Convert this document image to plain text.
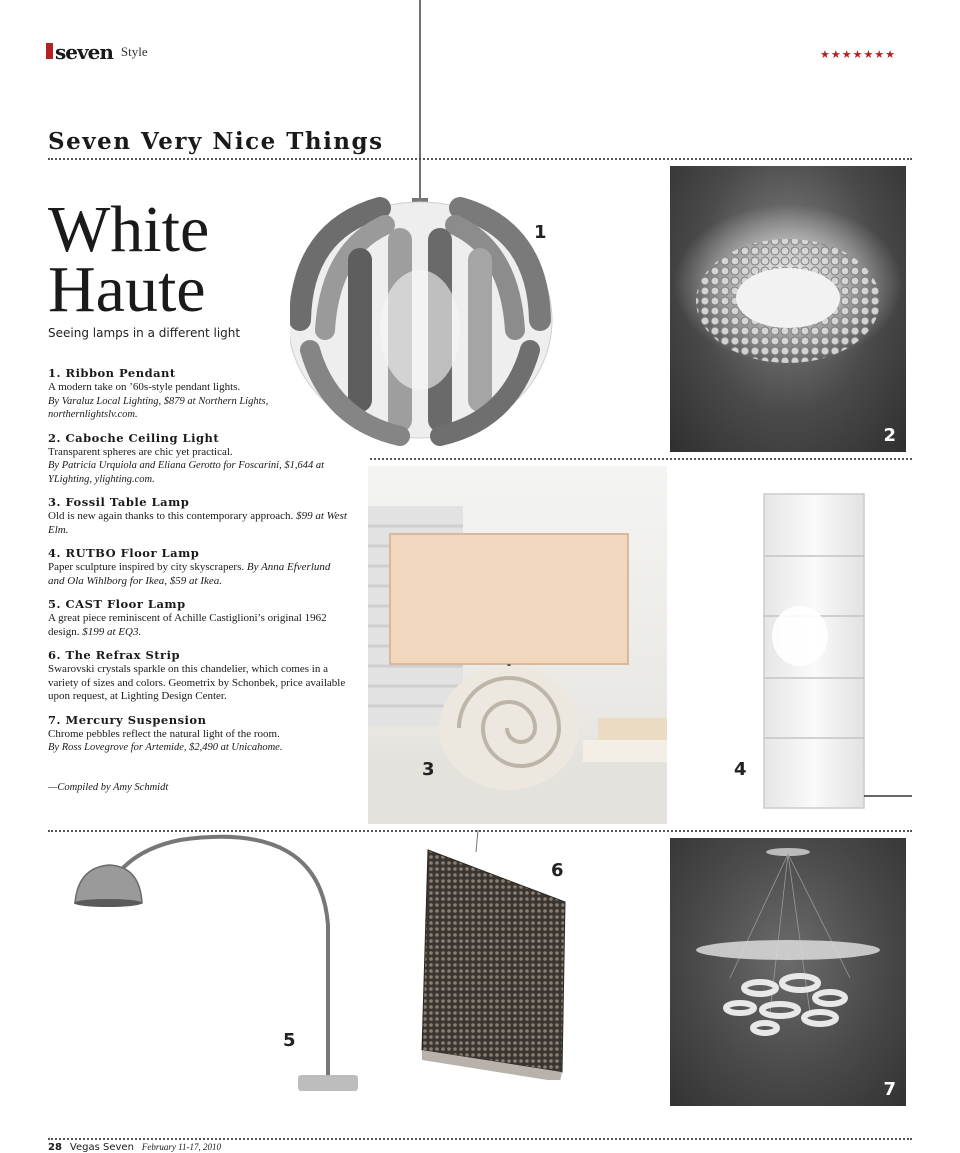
seven Style	★★★★★★★
Seven Very Nice Things
2
1
White
Haute
Seeing lamps in a different light
1. Ribbon Pendant
A modern take on ’60s-style pendant lights.
By Varaluz Local Lighting, $879 at Northern Lights, northernlightslv.com.
2. Caboche Ceiling Light
Transparent spheres are chic yet practical.
By Patricia Urquiola and Eliana Gerotto for Foscarini, $1,644 at YLighting, ylighting.com.
3. Fossil Table Lamp
Old is new again thanks to this contemporary approach. $99 at West Elm.
4. RUTBO Floor Lamp
Paper sculpture inspired by city skyscrapers. By Anna Efverlund and Ola Wihlborg for Ikea, $59 at Ikea.
5. CAST Floor Lamp
A great piece reminiscent of Achille Castiglioni’s original 1962 design. $199 at EQ3.
6. The Refrax Strip
Swarovski crystals sparkle on this chandelier, which comes in a variety of sizes and colors. Geometrix by Schonbek, price available upon request, at Lighting Design Center.
7. Mercury Suspension
Chrome pebbles reflect the natural light of the room.
By Ross Lovegrove for Artemide, $2,490 at Unicahome.
—Compiled by Amy Schmidt
3	4
5
6
7
28 Vegas Seven February 11-17, 2010
